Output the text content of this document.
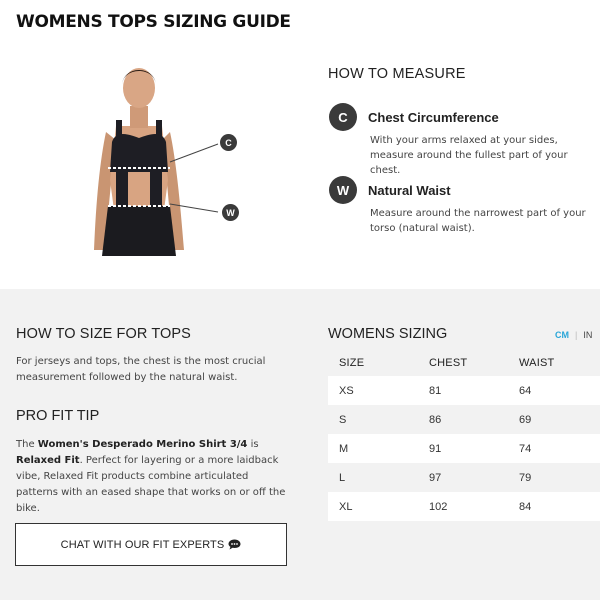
WOMENS TOPS SIZING GUIDE
C
W
HOW TO MEASURE
C	Chest Circumference
With your arms relaxed at your sides, measure around the fullest part of your chest.
W	Natural Waist
Measure around the narrowest part of your torso (natural waist).
HOW TO SIZE FOR TOPS
For jerseys and tops, the chest is the most crucial measurement followed by the natural waist.
PRO FIT TIP
The Women's Desperado Merino Shirt 3/4 is Relaxed Fit. Perfect for layering or a more laidback vibe, Relaxed Fit products combine articulated patterns with an eased shape that works on or off the bike.
CHAT WITH OUR FIT EXPERTS
WOMENS SIZING	CM | IN
SIZE	CHEST	WAIST
XS	81	64
S	86	69
M	91	74
L	97	79
XL	102	84
